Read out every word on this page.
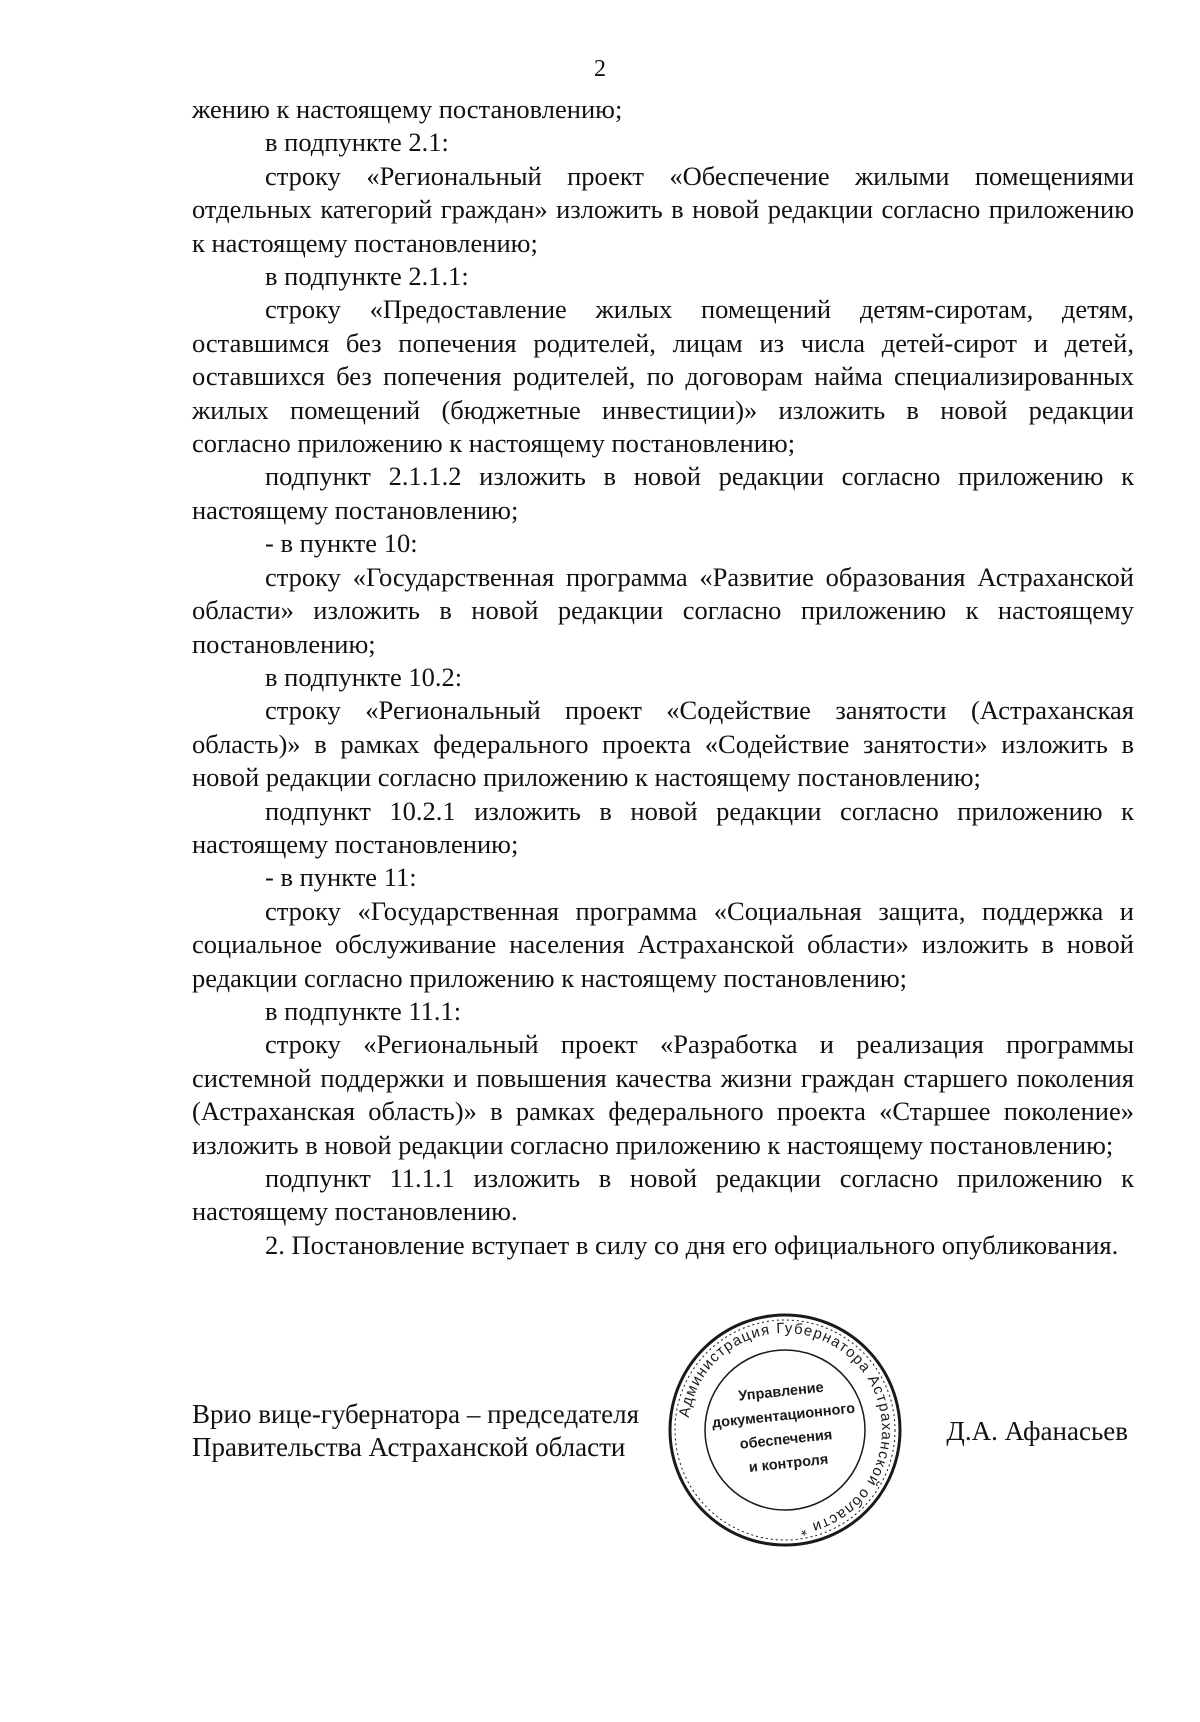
2

жению к настоящему постановлению;

в подпункте 2.1:

строку «Региональный проект «Обеспечение жилыми помещениями отдельных категорий граждан» изложить в новой редакции согласно приложению к настоящему постановлению;

в подпункте 2.1.1:

строку «Предоставление жилых помещений детям-сиротам, детям, оставшимся без попечения родителей, лицам из числа детей-сирот и детей, оставшихся без попечения родителей, по договорам найма специализированных жилых помещений (бюджетные инвестиции)» изложить в новой редакции согласно приложению к настоящему постановлению;

подпункт 2.1.1.2 изложить в новой редакции согласно приложению к настоящему постановлению;

- в пункте 10:

строку «Государственная программа «Развитие образования Астраханской области» изложить в новой редакции согласно приложению к настоящему постановлению;

в подпункте 10.2:

строку «Региональный проект «Содействие занятости (Астраханская область)» в рамках федерального проекта «Содействие занятости» изложить в новой редакции согласно приложению к настоящему постановлению;

подпункт 10.2.1 изложить в новой редакции согласно приложению к настоящему постановлению;

- в пункте 11:

строку «Государственная программа «Социальная защита, поддержка и социальное обслуживание населения Астраханской области» изложить в новой редакции согласно приложению к настоящему постановлению;

в подпункте 11.1:

строку «Региональный проект «Разработка и реализация программы системной поддержки и повышения качества жизни граждан старшего поколения (Астраханская область)» в рамках федерального проекта «Старшее поколение» изложить в новой редакции согласно приложению к настоящему постановлению;

подпункт 11.1.1 изложить в новой редакции согласно приложению к настоящему постановлению.

2. Постановление вступает в силу со дня его официального опубликования.

Врио вице-губернатора – председателя
Правительства Астраханской области
Д.А. Афанасьев
Администрация Губернатора Астраханской области *
Управление
документационного
обеспечения
и контроля
